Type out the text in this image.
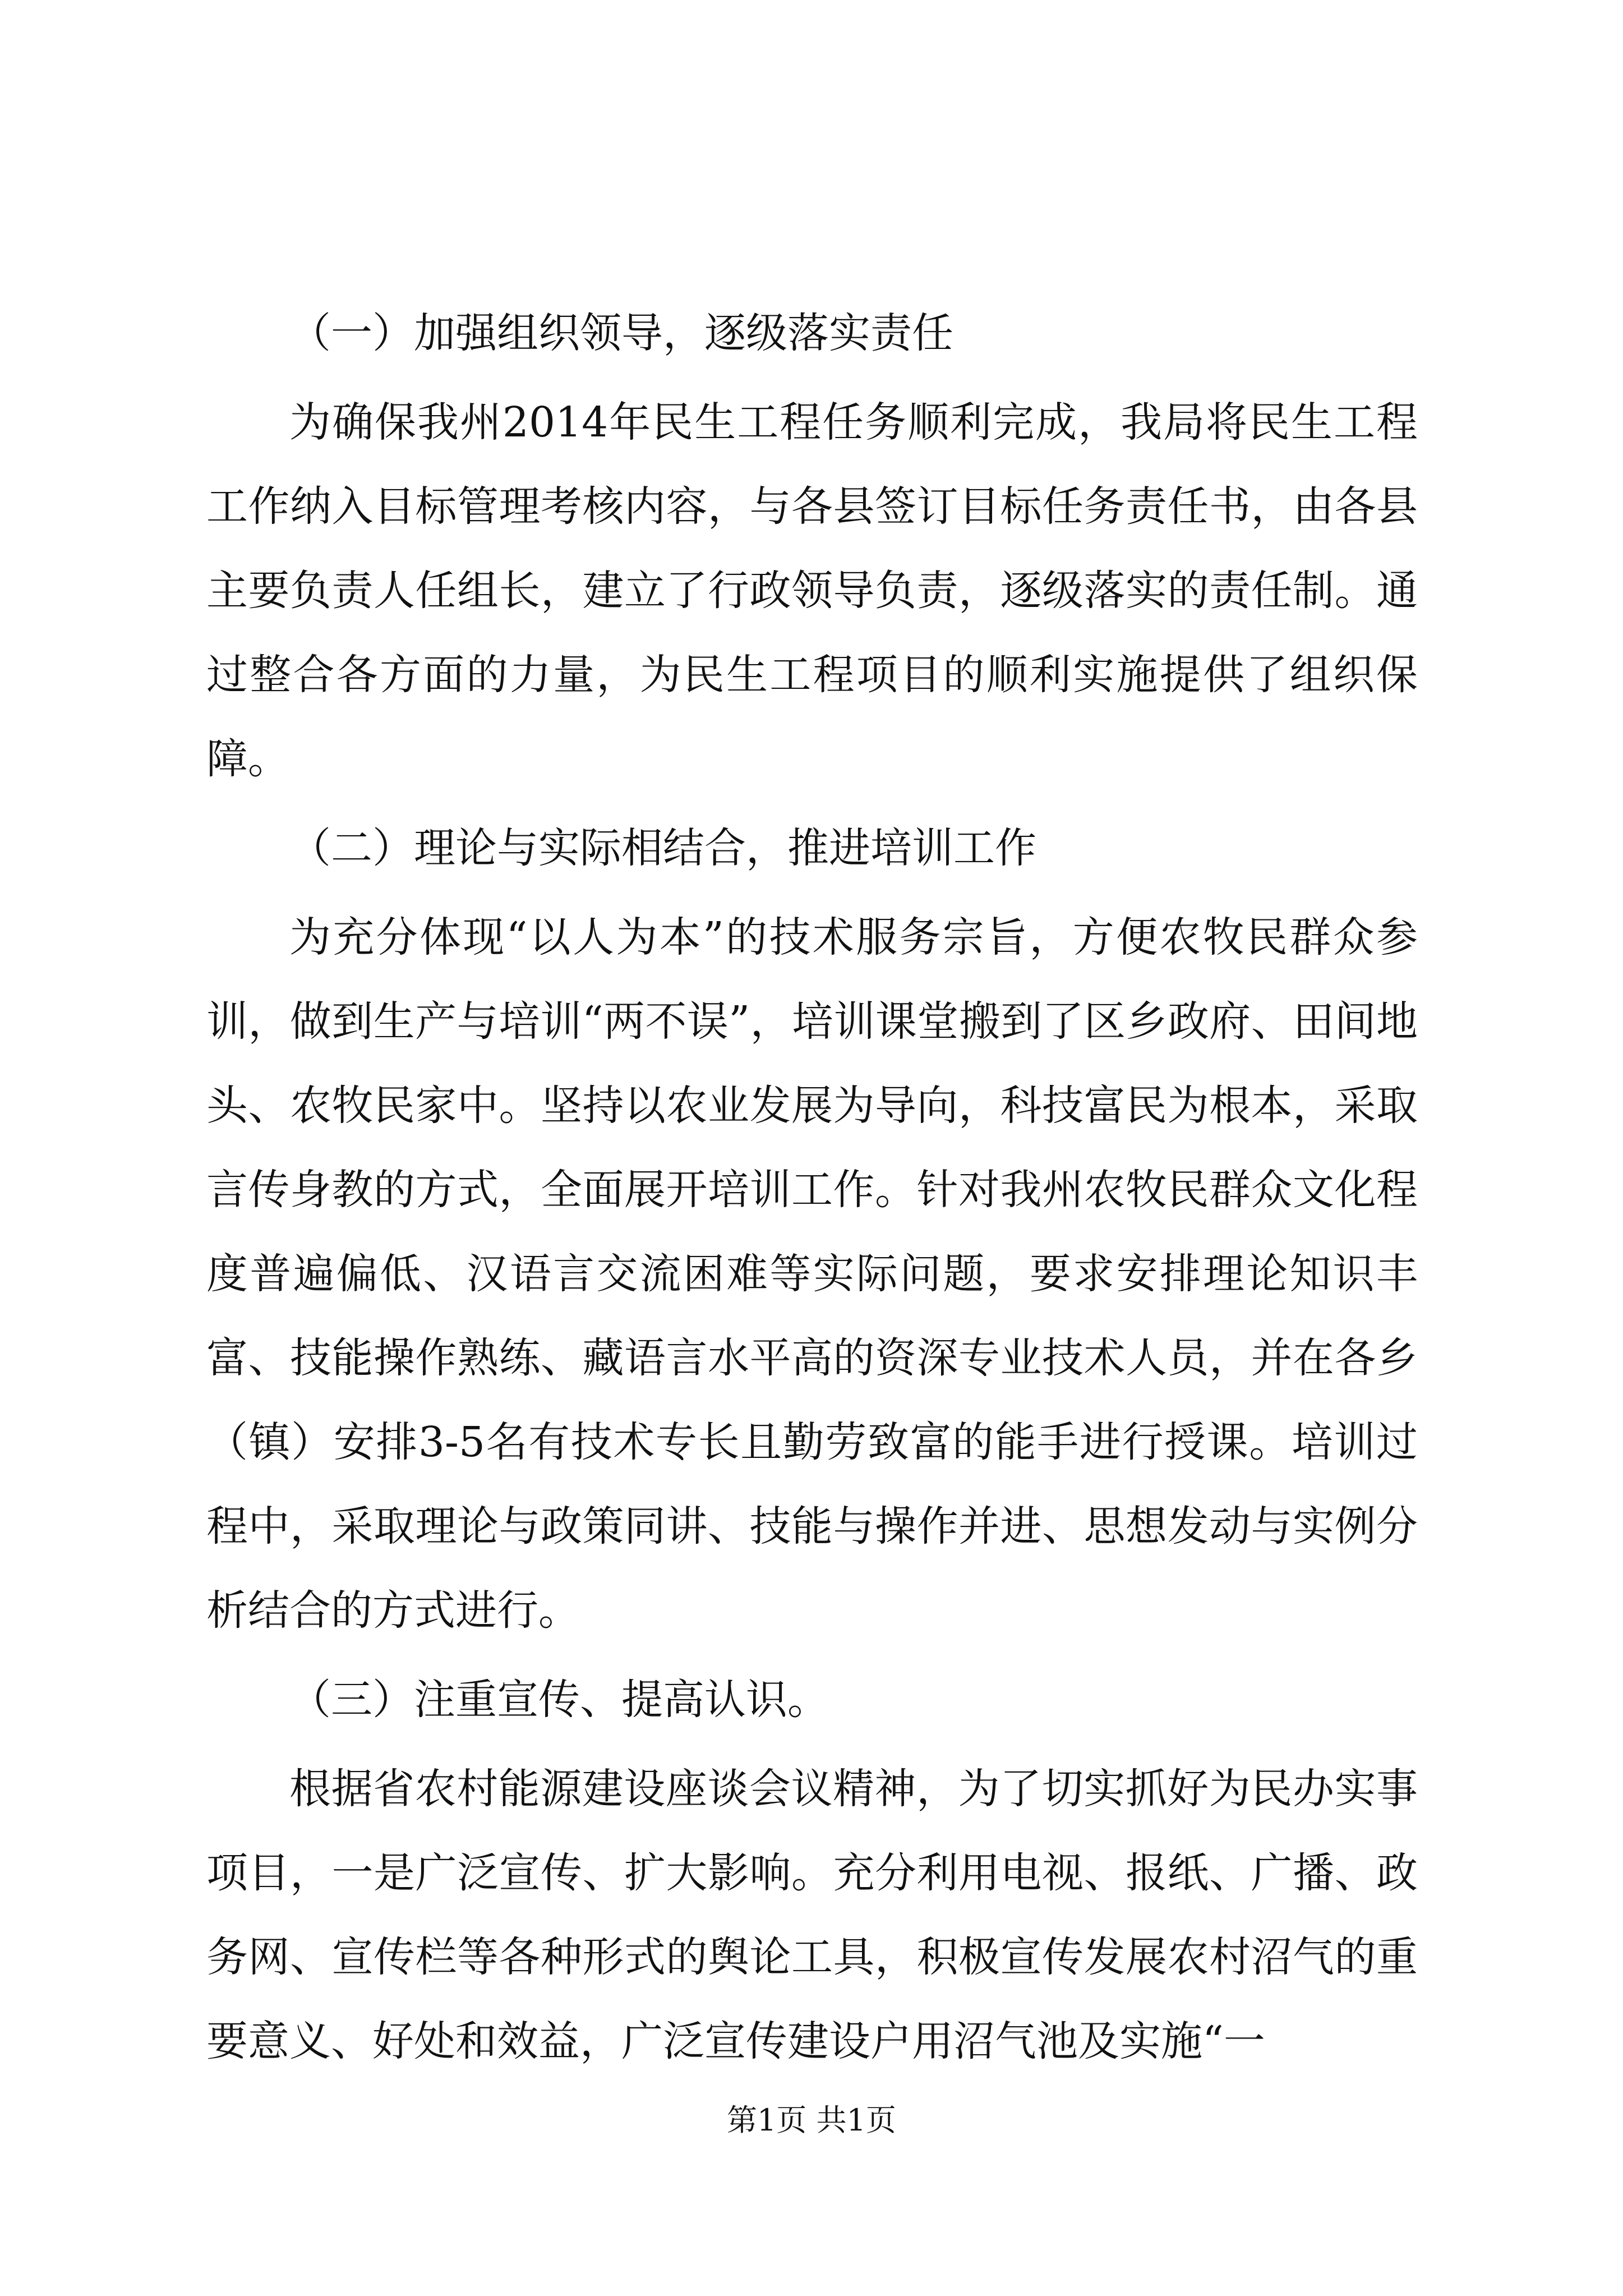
（一）加强组织领导，逐级落实责任

为确保我州2014年民生工程任务顺利完成，我局将民生工程工作纳入目标管理考核内容，与各县签订目标任务责任书，由各县主要负责人任组长，建立了行政领导负责，逐级落实的责任制。通过整合各方面的力量，为民生工程项目的顺利实施提供了组织保障。

（二）理论与实际相结合，推进培训工作

为充分体现“以人为本”的技术服务宗旨，方便农牧民群众参训，做到生产与培训“两不误”，培训课堂搬到了区乡政府、田间地头、农牧民家中。坚持以农业发展为导向，科技富民为根本，采取言传身教的方式，全面展开培训工作。针对我州农牧民群众文化程度普遍偏低、汉语言交流困难等实际问题，要求安排理论知识丰富、技能操作熟练、藏语言水平高的资深专业技术人员，并在各乡（镇）安排3-5名有技术专长且勤劳致富的能手进行授课。培训过程中，采取理论与政策同讲、技能与操作并进、思想发动与实例分析结合的方式进行。

（三）注重宣传、提高认识。

根据省农村能源建设座谈会议精神，为了切实抓好为民办实事项目，一是广泛宣传、扩大影响。充分利用电视、报纸、广播、政务网、宣传栏等各种形式的舆论工具，积极宣传发展农村沼气的重要意义、好处和效益，广泛宣传建设户用沼气池及实施“一

第1页 共1页
